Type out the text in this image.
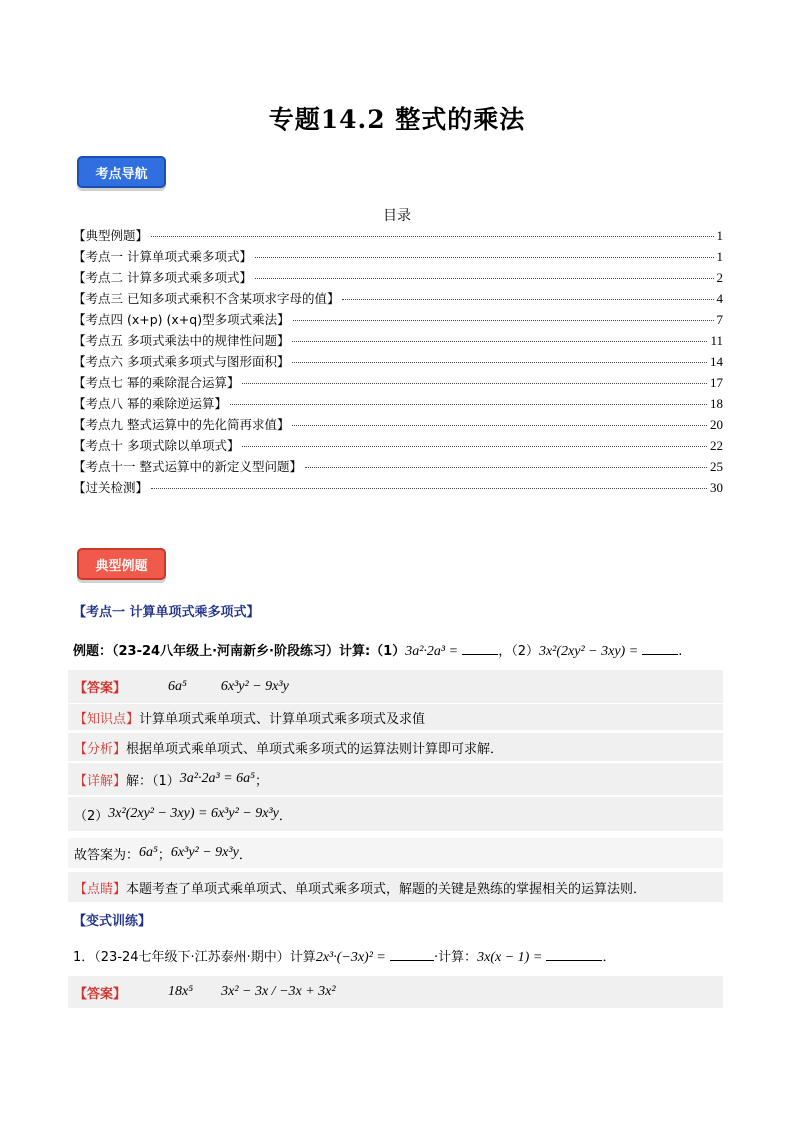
专题14.2 整式的乘法
考点导航
目录
【典型例题】	1
【考点一 计算单项式乘多项式】	1
【考点二 计算多项式乘多项式】	2
【考点三 已知多项式乘积不含某项求字母的值】	4
【考点四 (x+p) (x+q)型多项式乘法】	7
【考点五 多项式乘法中的规律性问题】	11
【考点六 多项式乘多项式与图形面积】	14
【考点七 幂的乘除混合运算】	17
【考点八 幂的乘除逆运算】	18
【考点九 整式运算中的先化简再求值】	20
【考点十 多项式除以单项式】	22
【考点十一 整式运算中的新定义型问题】	25
【过关检测】	30
典型例题
【考点一 计算单项式乘多项式】
例题：（23-24八年级上·河南新乡·阶段练习）计算:（1）3a²·2a³ =	，（2）3x²(2xy² − 3xy) =	.
【答案】	6a⁵ 6x³y² − 9x³y
【知识点】 计算单项式乘单项式、计算单项式乘多项式及求值
【分析】 根据单项式乘单项式、单项式乘多项式的运算法则计算即可求解．
【详解】 解：（1） 3a²·2a³ = 6a⁵ ；
（2） 3x²(2xy² − 3xy) = 6x³y² − 9x³y ．
故答案为： 6a⁵ ； 6x³y² − 9x³y ．
【点睛】 本题考查了单项式乘单项式、单项式乘多项式，解题的关键是熟练的掌握相关的运算法则．
【变式训练】
1．（23-24七年级下·江苏泰州·期中）计算2x³·(−3x)² =	·计算：3x(x − 1) =	．
【答案】	18x⁵ 3x² − 3x / −3x + 3x²
